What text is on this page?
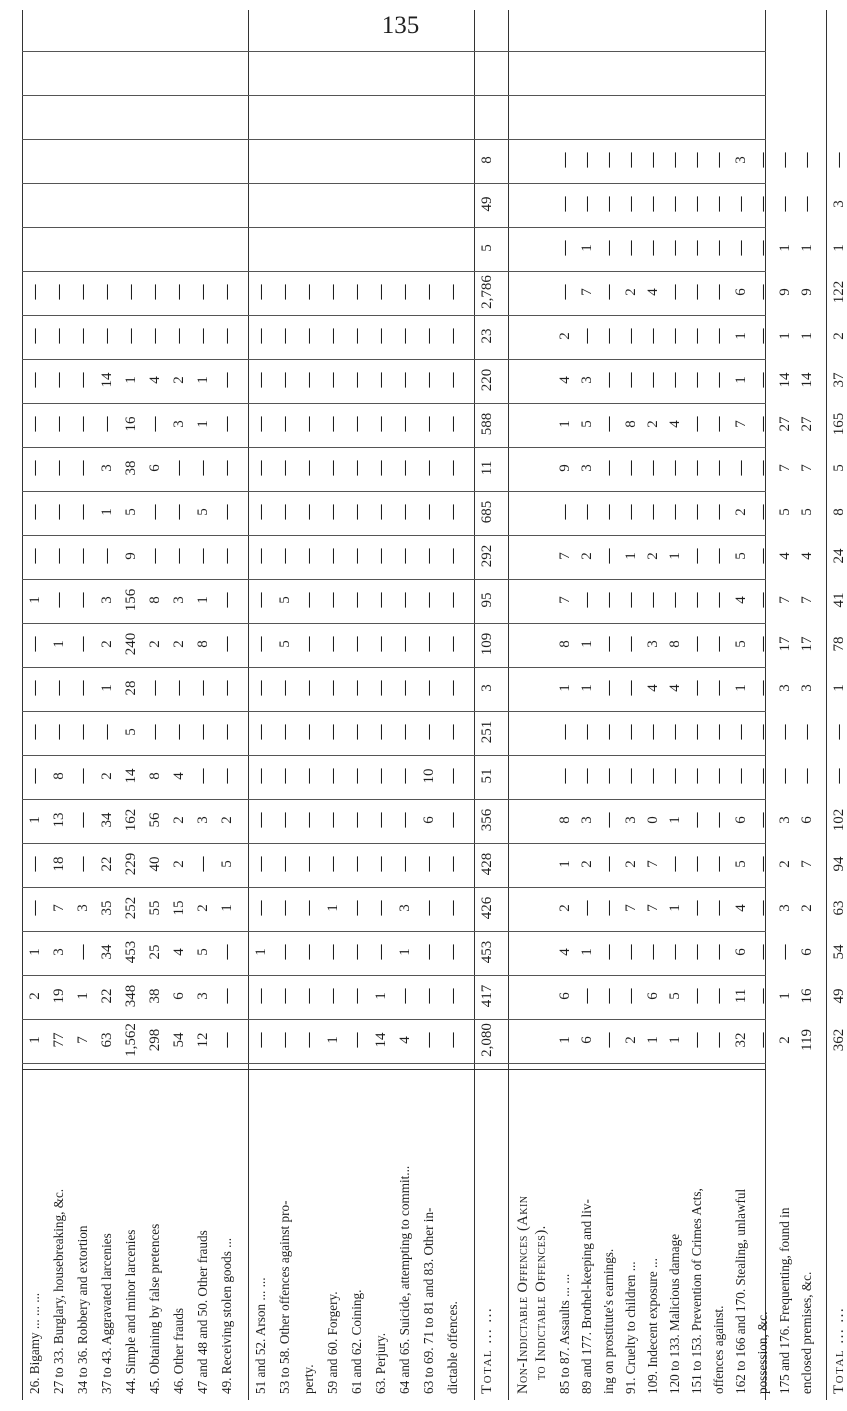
135
26. Bigamy ... ... ...
1
2
1
—
—
1
—
—
—
—
1
—
—
—
—
—
—
—
27 to 33. Burglary, housebreaking, &c.
77
19
3
7
18
13
8
—
—
1
—
—
—
—
—
—
—
—
34 to 36. Robbery and extortion
7
1
—
3
—
—
—
—
—
—
—
—
—
—
—
—
—
—
37 to 43. Aggravated larcenies
63
22
34
35
22
34
2
—
1
2
3
—
1
3
—
14
—
—
44. Simple and minor larcenies
1,562
348
453
252
229
162
14
5
28
240
156
9
5
38
16
1
—
—
45. Obtaining by false pretences
298
38
25
55
40
56
8
—
—
2
8
—
—
6
—
4
—
—
46. Other frauds
54
6
4
15
2
2
4
—
—
2
3
—
—
—
3
2
—
—
47 and 48 and 50. Other frauds
12
3
5
2
—
3
—
—
—
8
1
—
5
—
1
1
—
—
49. Receiving stolen goods ...
—
—
—
1
5
2
—
—
—
—
—
—
—
—
—
—
—
—
51 and 52. Arson ... ...
—
—
1
—
—
—
—
—
—
—
—
—
—
—
—
—
—
—
53 to 58. Other offences against pro-
—
—
—
—
—
—
—
—
—
5
5
—
—
—
—
—
—
—
perty.
—
—
—
—
—
—
—
—
—
—
—
—
—
—
—
—
—
—
59 and 60. Forgery.
1
—
—
1
—
—
—
—
—
—
—
—
—
—
—
—
—
—
61 and 62. Coining.
—
—
—
—
—
—
—
—
—
—
—
—
—
—
—
—
—
—
63. Perjury.
14
1
—
—
—
—
—
—
—
—
—
—
—
—
—
—
—
—
64 and 65. Suicide, attempting to commit...
4
—
1
3
—
—
—
—
—
—
—
—
—
—
—
—
—
—
63 to 69. 71 to 81 and 83. Other in-
—
—
—
—
—
6
10
—
—
—
—
—
—
—
—
—
—
—
dictable offences.
—
—
—
—
—
—
—
—
—
—
—
—
—
—
—
—
—
—
Total ... ...
2,080
417
453
426
428
356
51
251
3
109
95
292
685
11
588
220
23
2,786
5
49
8
Non-Indictable Offences (Akin to Indictable Offences). 85 to 87. Assaults ... ...
1
6
4
2
1
8
—
—
1
8
7
7
—
9
1
4
2
—
—
—
—
89 and 177. Brothel-keeping and liv-
6
—
1
—
2
3
—
—
1
1
—
2
—
3
5
3
—
7
1
—
—
ing on prostitute's earnings.
—
—
—
—
—
—
—
—
—
—
—
—
—
—
—
—
—
—
—
—
—
91. Cruelty to children ...
2
—
—
7
2
3
—
—
—
—
—
1
—
—
8
—
—
2
—
—
—
109. Indecent exposure ...
1
6
—
7
7
0
—
—
4
3
—
2
—
—
2
—
—
4
—
—
—
120 to 133. Malicious damage
1
5
—
1
—
1
—
—
4
8
—
1
—
—
4
—
—
—
—
—
—
151 to 153. Prevention of Crimes Acts,
—
—
—
—
—
—
—
—
—
—
—
—
—
—
—
—
—
—
—
—
—
offences against.
—
—
—
—
—
—
—
—
—
—
—
—
—
—
—
—
—
—
—
—
—
162 to 166 and 170. Stealing, unlawful
32
11
6
4
5
6
—
—
1
5
4
5
2
—
7
1
1
6
—
—
3
possession, &c.
—
—
—
—
—
—
—
—
—
—
—
—
—
—
—
—
—
—
—
—
—
175 and 176. Frequenting, found in
2
1
—
3
2
3
—
—
3
17
7
4
5
7
27
14
1
9
1
—
—
enclosed premises, &c.
119
16
6
2
7
6
—
—
3
17
7
4
5
7
27
14
1
9
1
—
—
Total ... ...
362
49
54
63
94
102
—
—
1
78
41
24
8
5
165
37
2
122
1
3
—
